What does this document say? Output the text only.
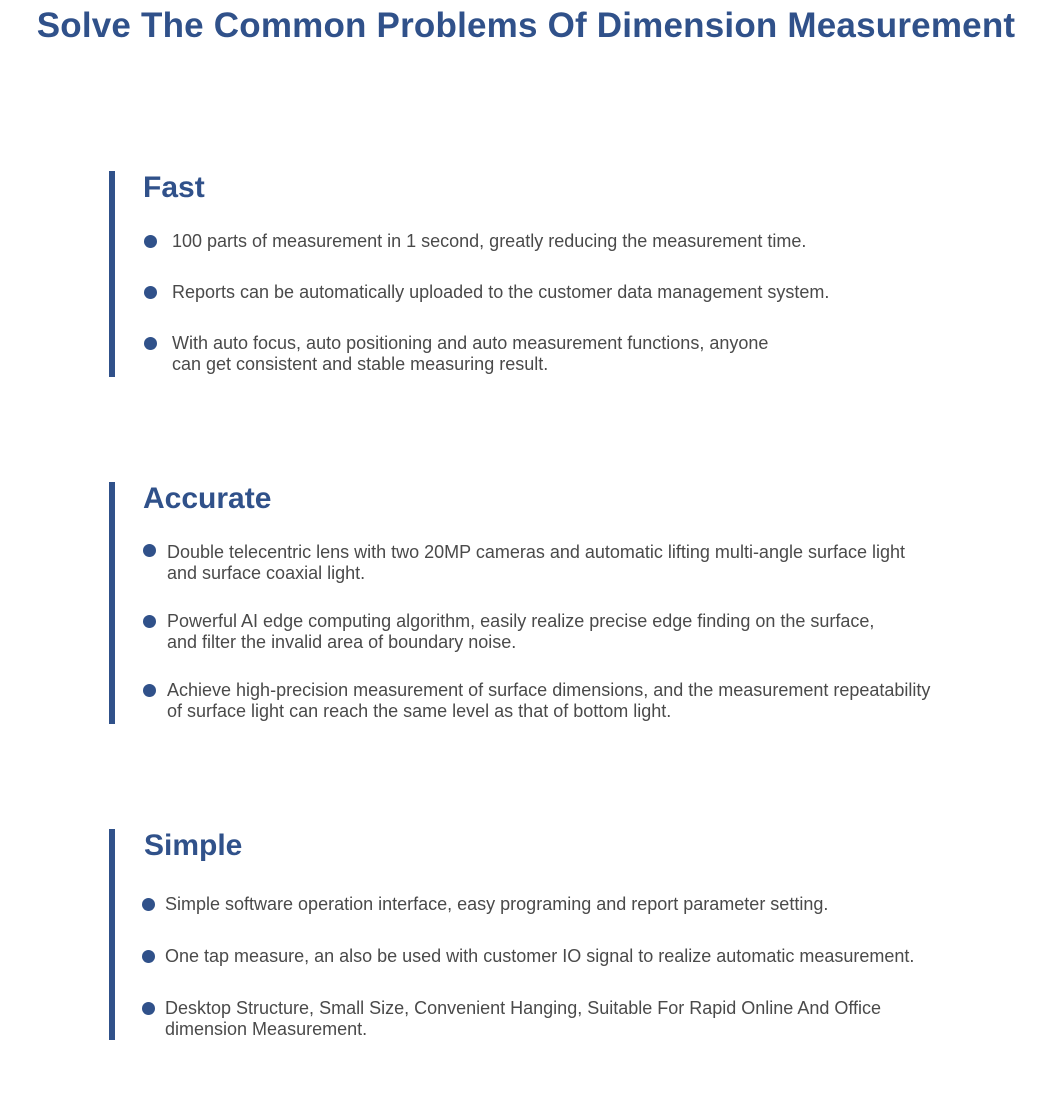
Solve The Common Problems Of Dimension Measurement
Fast
100 parts of measurement in 1 second, greatly reducing the measurement time.
Reports can be automatically uploaded to the customer data management system.
With auto focus, auto positioning and auto measurement functions, anyone
can get consistent and stable measuring result.
Accurate
Double telecentric lens with two 20MP cameras and automatic lifting multi-angle surface light
and surface coaxial light.
Powerful AI edge computing algorithm, easily realize precise edge finding on the surface,
and filter the invalid area of boundary noise.
Achieve high-precision measurement of surface dimensions, and the measurement repeatability
of surface light can reach the same level as that of bottom light.
Simple
Simple software operation interface, easy programing and report parameter setting.
One tap measure, an also be used with customer IO signal to realize automatic measurement.
Desktop Structure, Small Size, Convenient Hanging, Suitable For Rapid Online And Office
dimension Measurement.
